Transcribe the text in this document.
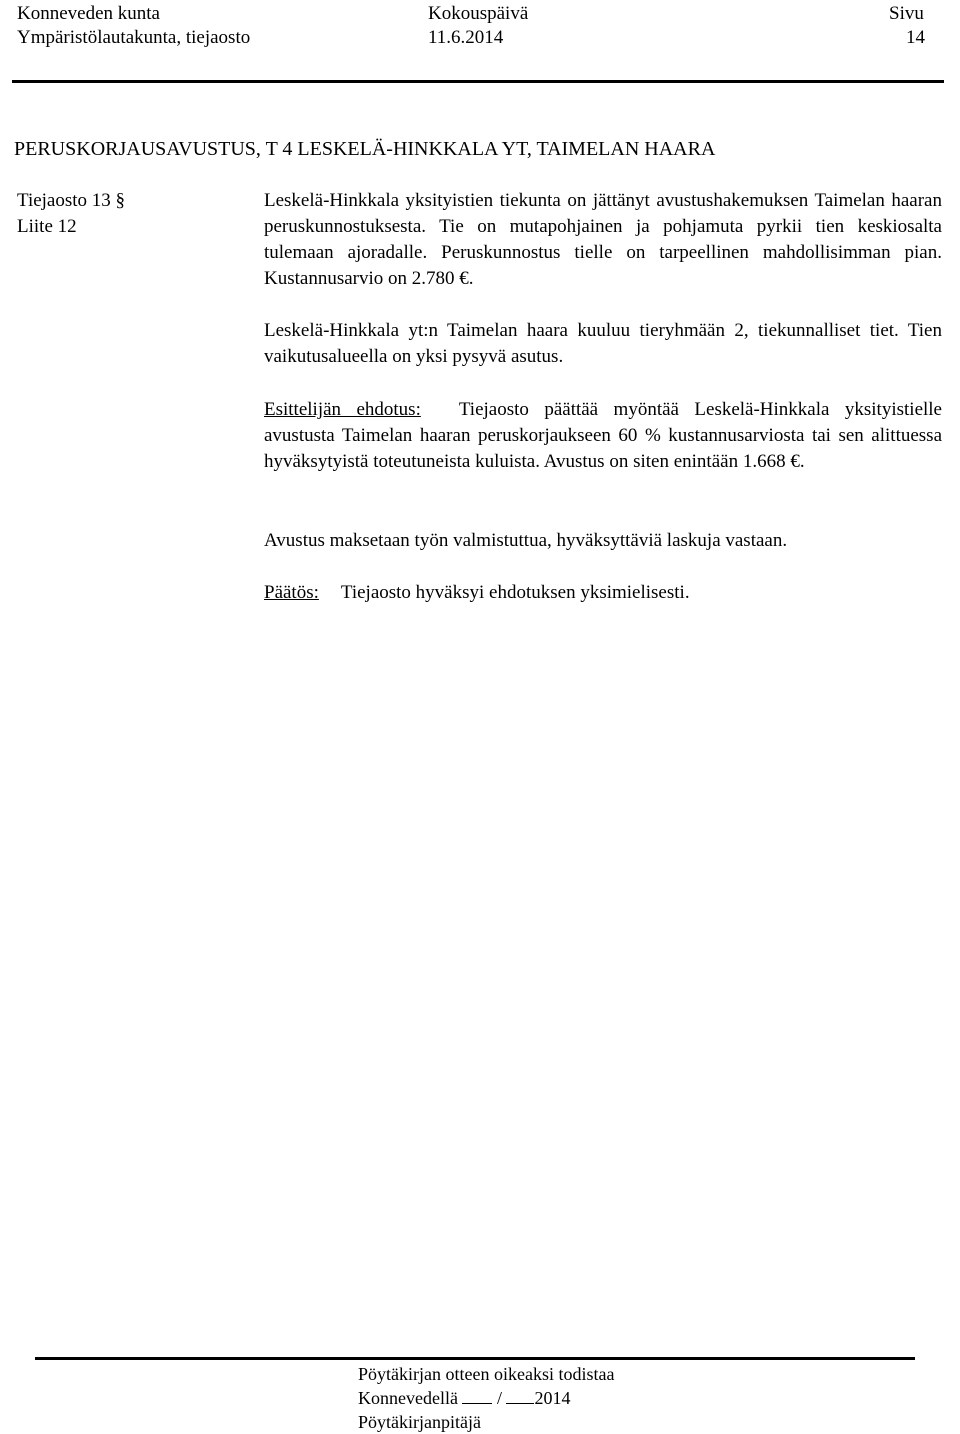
Konneveden kunta
Ympäristölautakunta, tiejaosto
Kokouspäivä
11.6.2014
Sivu
14
PERUSKORJAUSAVUSTUS, T 4 LESKELÄ-HINKKALA YT, TAIMELAN HAARA
Tiejaosto 13 §
Liite 12

Leskelä-Hinkkala yksityistien tiekunta on jättänyt avustushakemuksen Taimelan haaran peruskunnostuksesta. Tie on mutapohjainen ja pohjamuta pyrkii tien keskiosalta tulemaan ajoradalle. Peruskunnostus tielle on tarpeellinen mahdollisimman pian. Kustannusarvio on 2.780 €.

Leskelä-Hinkkala yt:n Taimelan haara kuuluu tieryhmään 2, tiekunnalliset tiet. Tien vaikutusalueella on yksi pysyvä asutus.

Esittelijän ehdotus: Tiejaosto päättää myöntää Leskelä-Hinkkala yksityistielle avustusta Taimelan haaran peruskorjaukseen 60 % kustannusarviosta tai sen alittuessa hyväksytyistä toteutuneista kuluista. Avustus on siten enintään 1.668 €.

Avustus maksetaan työn valmistuttua, hyväksyttäviä laskuja vastaan.

Päätös: Tiejaosto hyväksyi ehdotuksen yksimielisesti.

Pöytäkirjan otteen oikeaksi todistaa
Konnevedellä / 2014
Pöytäkirjanpitäjä
